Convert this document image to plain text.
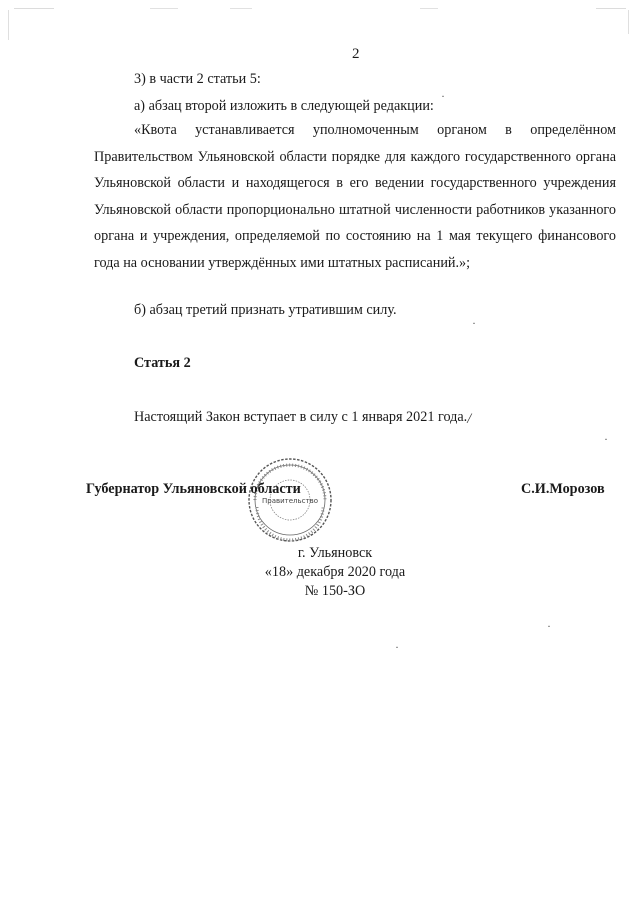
2
3) в части 2 статьи 5:
а) абзац второй изложить в следующей редакции:
«Квота устанавливается уполномоченным органом в определённом Правительством Ульяновской области порядке для каждого государственного органа Ульяновской области и находящегося в его ведении государственного учреждения Ульяновской области пропорционально штатной численности работников указанного органа и учреждения, определяемой по состоянию на 1 мая текущего финансового года на основании утверждённых ими штатных расписаний.»;
б) абзац третий признать утратившим силу.
Статья 2
Настоящий Закон вступает в силу с 1 января 2021 года./
Правительство
Губернатор Ульяновской области	С.И.Морозов
г. Ульяновск
«18» декабря 2020 года
№ 150-ЗО
·
·
·
·
·
